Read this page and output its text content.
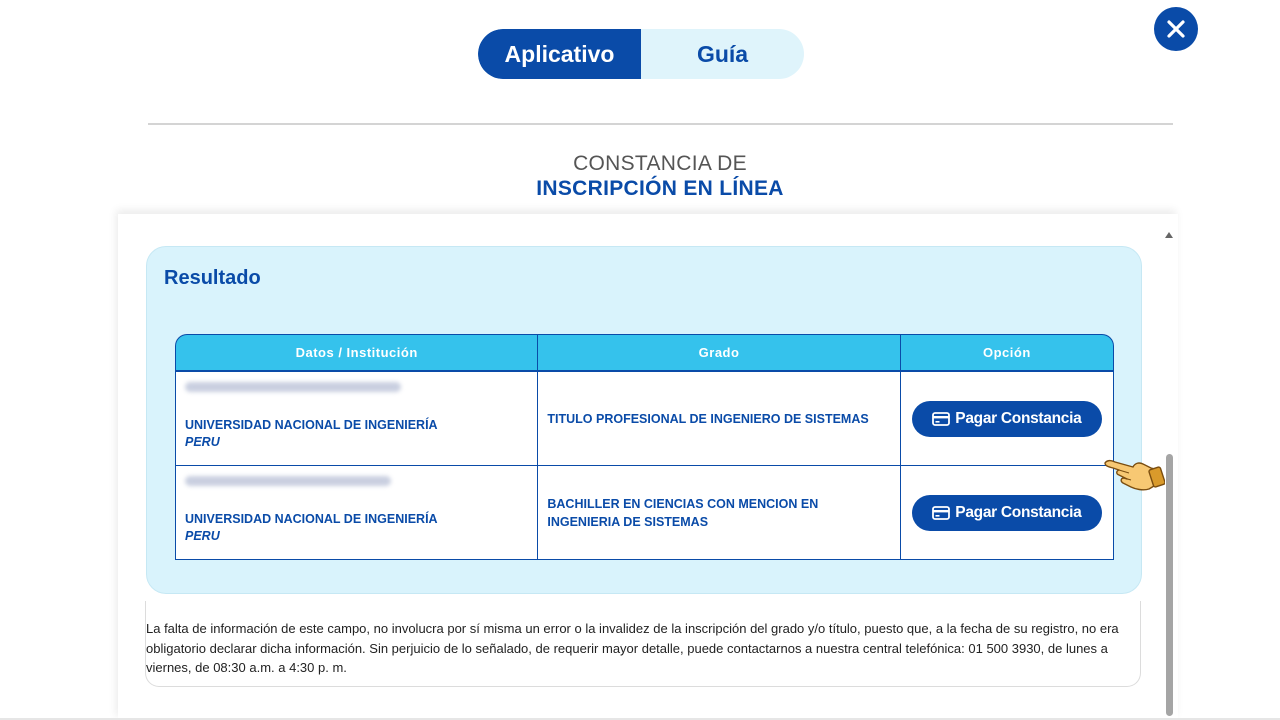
Aplicativo	Guía
CONSTANCIA DE
INSCRIPCIÓN EN LÍNEA
Resultado
Datos / Institución	Grado	Opción

UNIVERSIDAD NACIONAL DE INGENIERÍA
PERU	TITULO PROFESIONAL DE INGENIERO DE SISTEMAS	Pagar Constancia

UNIVERSIDAD NACIONAL DE INGENIERÍA
PERU	BACHILLER EN CIENCIAS CON MENCION EN INGENIERIA DE SISTEMAS	Pagar Constancia
La falta de información de este campo, no involucra por sí misma un error o la invalidez de la inscripción del grado y/o título, puesto que, a la fecha de su registro, no era obligatorio declarar dicha información. Sin perjuicio de lo señalado, de requerir mayor detalle, puede contactarnos a nuestra central telefónica: 01 500 3930, de lunes a viernes, de 08:30 a.m. a 4:30 p. m.
